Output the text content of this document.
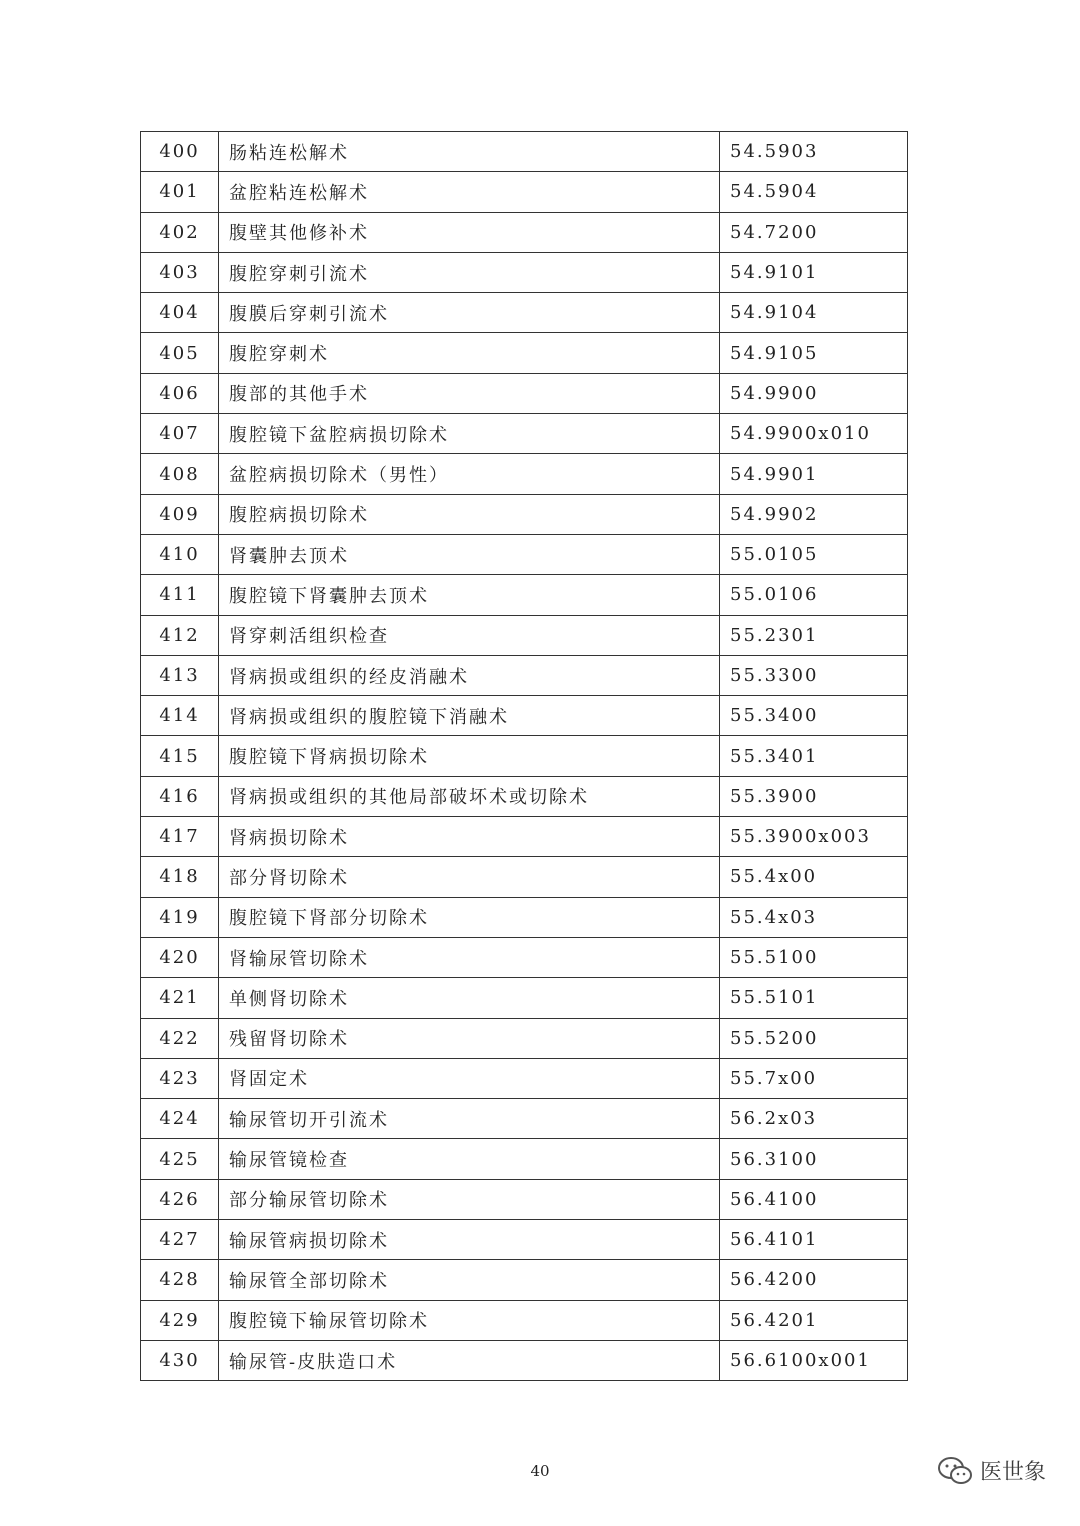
400	肠粘连松解术	54.5903
401	盆腔粘连松解术	54.5904
402	腹壁其他修补术	54.7200
403	腹腔穿刺引流术	54.9101
404	腹膜后穿刺引流术	54.9104
405	腹腔穿刺术	54.9105
406	腹部的其他手术	54.9900
407	腹腔镜下盆腔病损切除术	54.9900x010
408	盆腔病损切除术（男性）	54.9901
409	腹腔病损切除术	54.9902
410	肾囊肿去顶术	55.0105
411	腹腔镜下肾囊肿去顶术	55.0106
412	肾穿刺活组织检查	55.2301
413	肾病损或组织的经皮消融术	55.3300
414	肾病损或组织的腹腔镜下消融术	55.3400
415	腹腔镜下肾病损切除术	55.3401
416	肾病损或组织的其他局部破坏术或切除术	55.3900
417	肾病损切除术	55.3900x003
418	部分肾切除术	55.4x00
419	腹腔镜下肾部分切除术	55.4x03
420	肾输尿管切除术	55.5100
421	单侧肾切除术	55.5101
422	残留肾切除术	55.5200
423	肾固定术	55.7x00
424	输尿管切开引流术	56.2x03
425	输尿管镜检查	56.3100
426	部分输尿管切除术	56.4100
427	输尿管病损切除术	56.4101
428	输尿管全部切除术	56.4200
429	腹腔镜下输尿管切除术	56.4201
430	输尿管-皮肤造口术	56.6100x001
40	医世象
